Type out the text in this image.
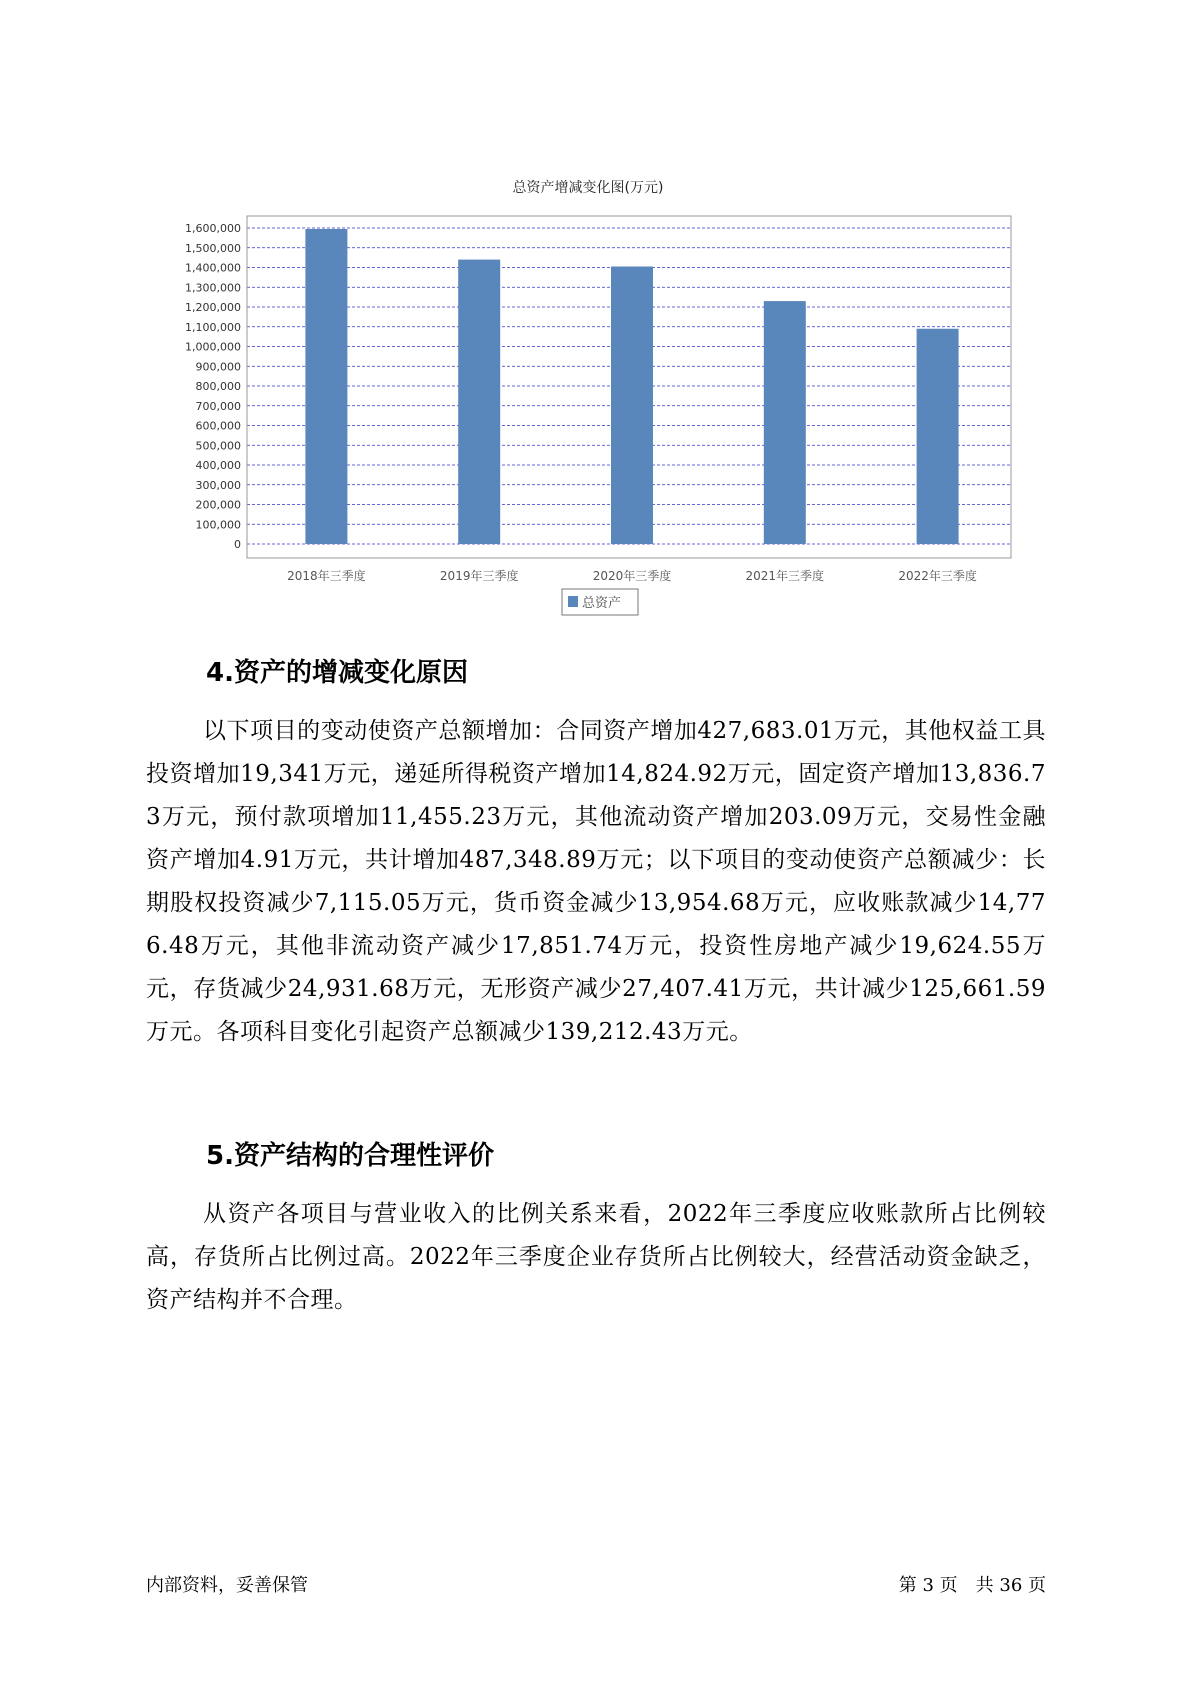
总资产增减变化图(万元)
0
100,000
200,000
300,000
400,000
500,000
600,000
700,000
800,000
900,000
1,000,000
1,100,000
1,200,000
1,300,000
1,400,000
1,500,000
1,600,000
2018年三季度	2019年三季度	2020年三季度	2021年三季度	2022年三季度
总资产
4.资产的增减变化原因

以下项目的变动使资产总额增加：合同资产增加427,683.01万元，其他权益工具投资增加19,341万元，递延所得税资产增加14,824.92万元，固定资产增加13,836.73万元，预付款项增加11,455.23万元，其他流动资产增加203.09万元，交易性金融资产增加4.91万元，共计增加487,348.89万元；以下项目的变动使资产总额减少：长期股权投资减少7,115.05万元，货币资金减少13,954.68万元，应收账款减少14,776.48万元，其他非流动资产减少17,851.74万元，投资性房地产减少19,624.55万元，存货减少24,931.68万元，无形资产减少27,407.41万元，共计减少125,661.59万元。各项科目变化引起资产总额减少139,212.43万元。

5.资产结构的合理性评价

从资产各项目与营业收入的比例关系来看，2022年三季度应收账款所占比例较高，存货所占比例过高。2022年三季度企业存货所占比例较大，经营活动资金缺乏，资产结构并不合理。

内部资料，妥善保管	第 3 页　共 36 页
